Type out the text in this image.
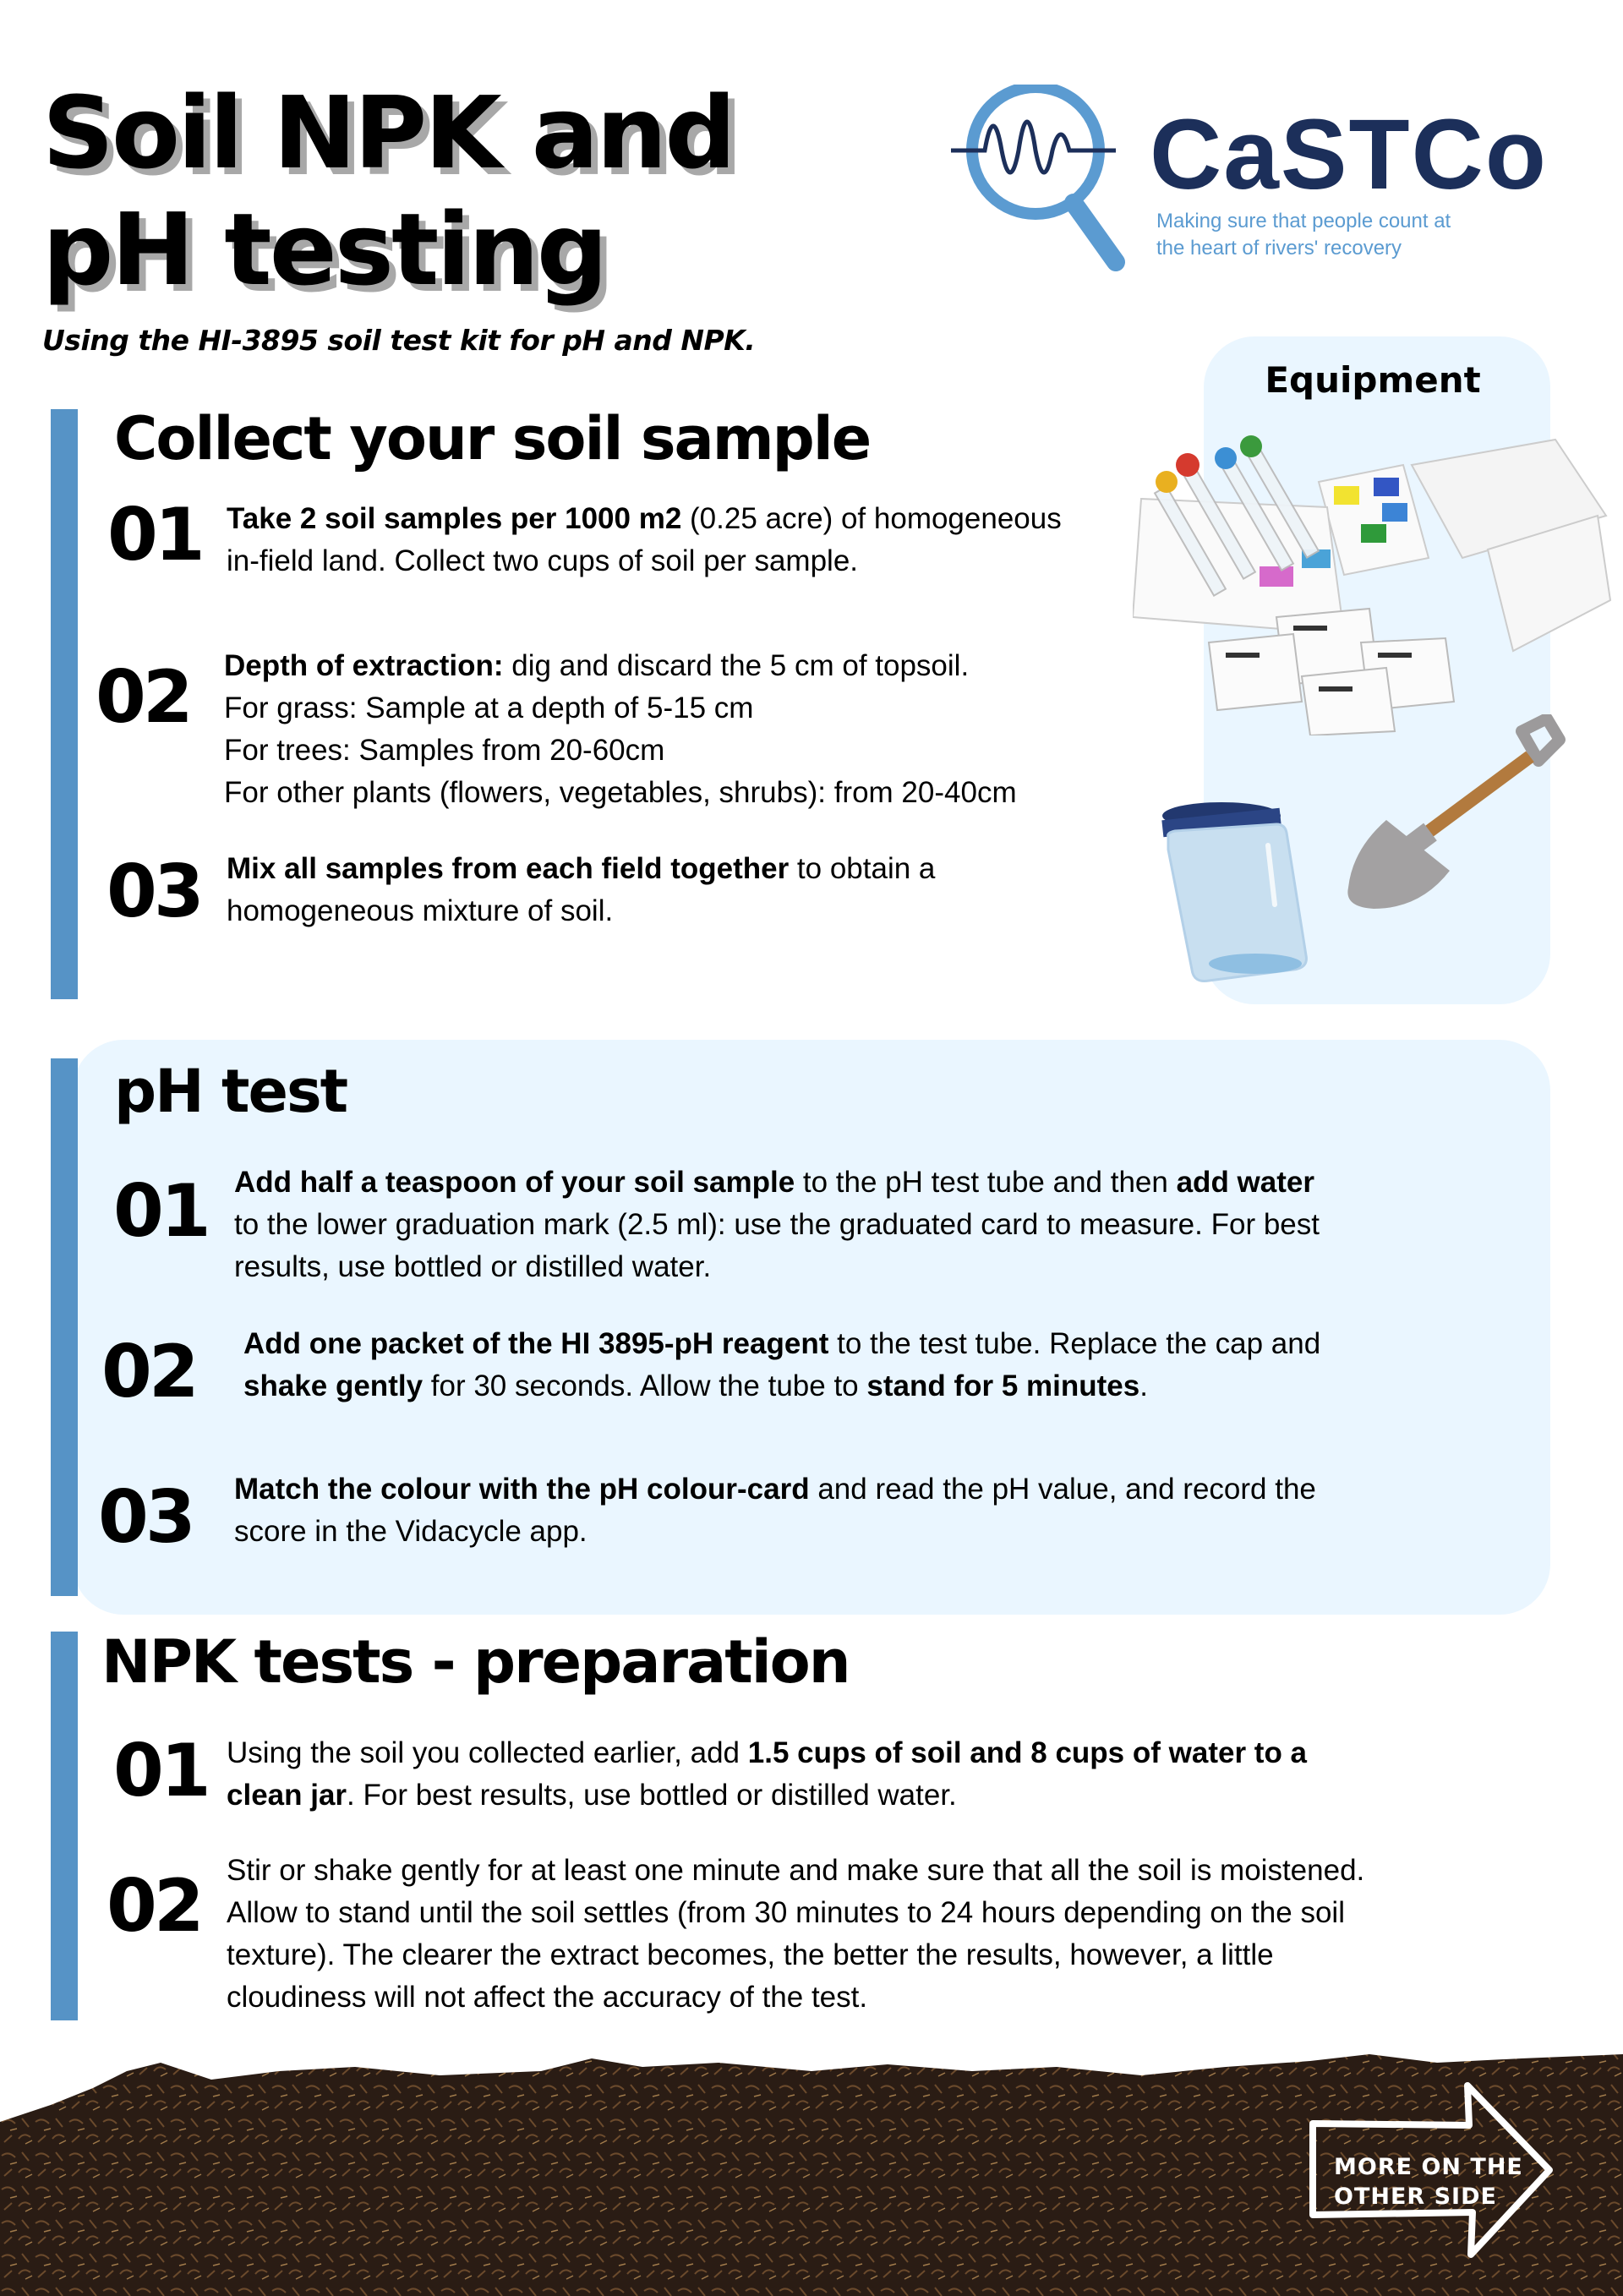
Soil NPK and
pH testing
Using the HI-3895 soil test kit for pH and NPK.
CaSTCo
Making sure that people count at
the heart of rivers' recovery
Equipment
Collect your soil sample
01 Take 2 soil samples per 1000 m2 (0.25 acre) of homogeneous in-field land. Collect two cups of soil per sample.
02 Depth of extraction: dig and discard the 5 cm of topsoil.
For grass: Sample at a depth of 5-15 cm
For trees: Samples from 20-60cm
For other plants (flowers, vegetables, shrubs): from 20-40cm
03 Mix all samples from each field together to obtain a homogeneous mixture of soil.
pH test
01 Add half a teaspoon of your soil sample to the pH test tube and then add water to the lower graduation mark (2.5 ml): use the graduated card to measure. For best results, use bottled or distilled water.
02 Add one packet of the HI 3895-pH reagent to the test tube. Replace the cap and shake gently for 30 seconds. Allow the tube to stand for 5 minutes.
03 Match the colour with the pH colour-card and read the pH value, and record the score in the Vidacycle app.
NPK tests - preparation
01 Using the soil you collected earlier, add 1.5 cups of soil and 8 cups of water to a clean jar. For best results, use bottled or distilled water.
02 Stir or shake gently for at least one minute and make sure that all the soil is moistened. Allow to stand until the soil settles (from 30 minutes to 24 hours depending on the soil texture). The clearer the extract becomes, the better the results, however, a little cloudiness will not affect the accuracy of the test.
MORE ON THE
OTHER SIDE
